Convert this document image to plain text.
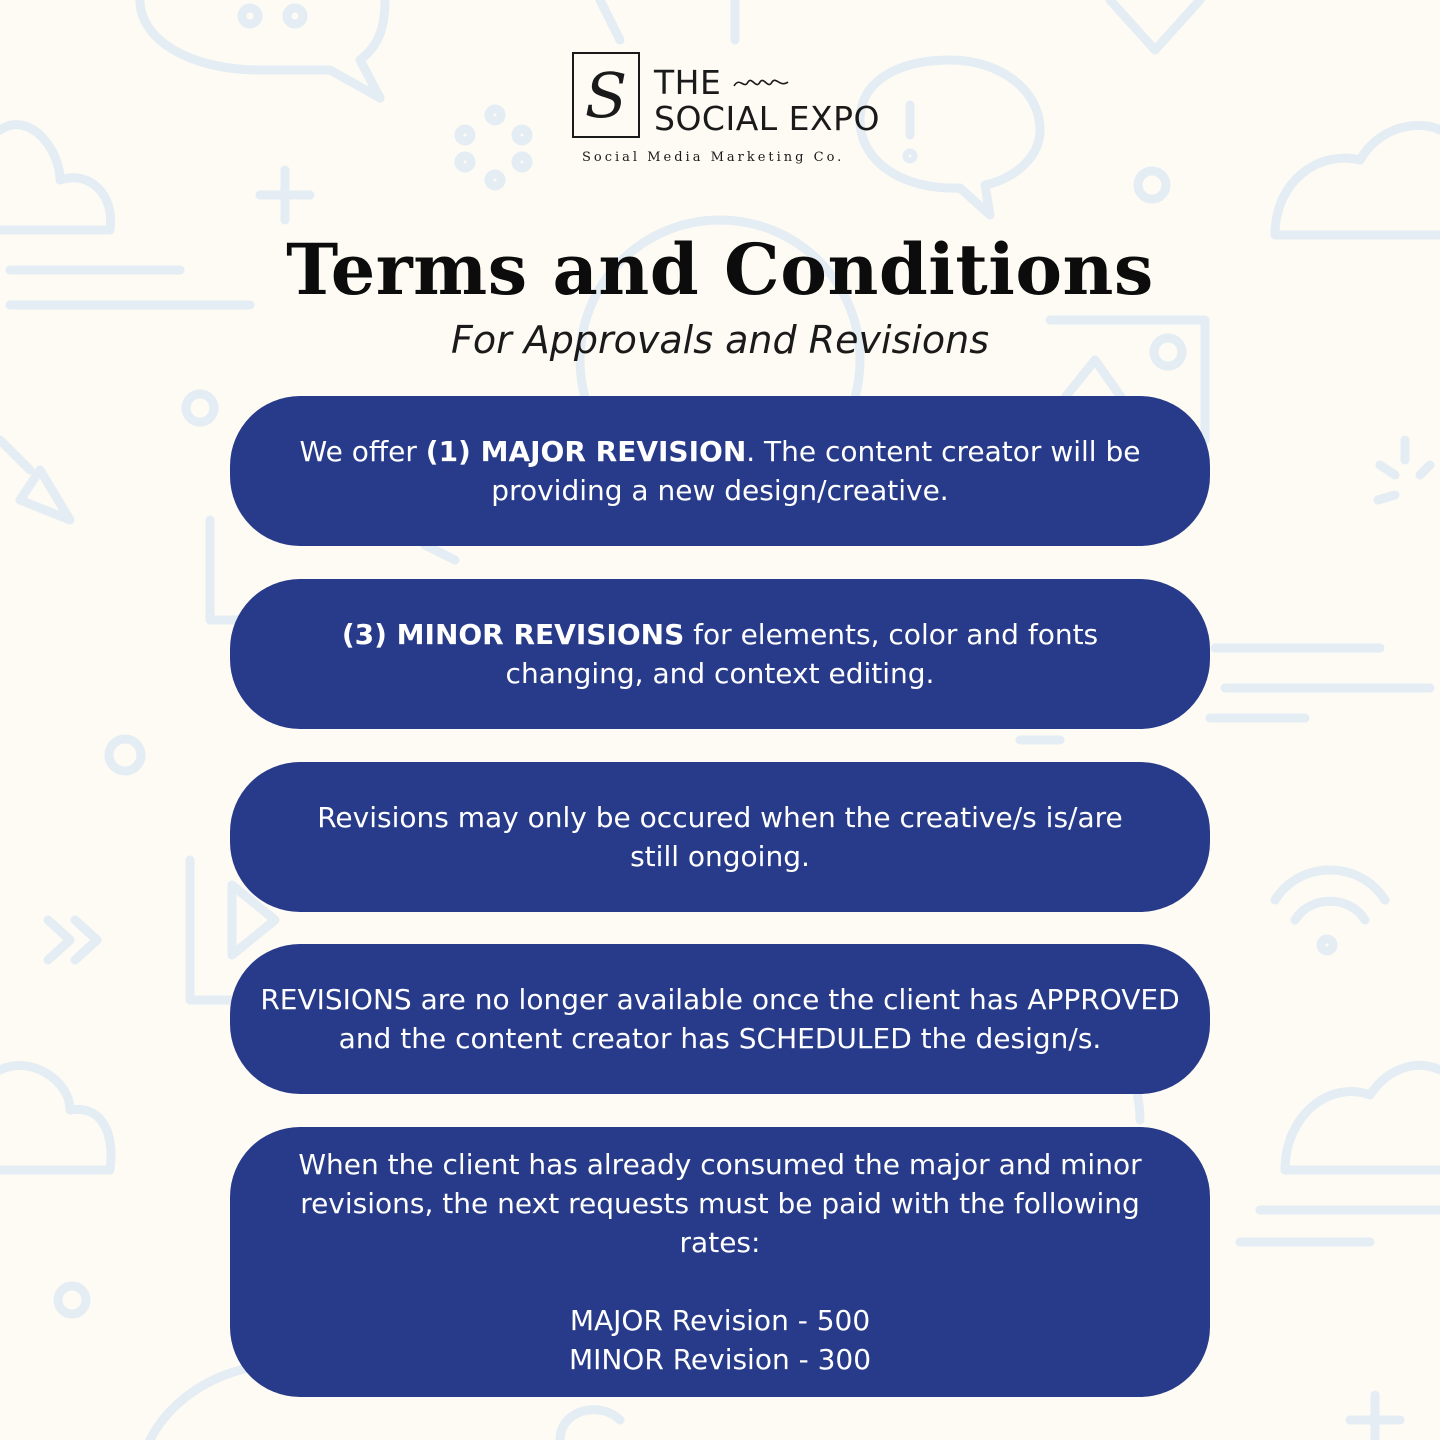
S THE
SOCIAL EXPO
Social Media Marketing Co.
Terms and Conditions

For Approvals and Revisions

We offer (1) MAJOR REVISION. The content creator will be providing a new design/creative.

(3) MINOR REVISIONS for elements, color and fonts changing, and context editing.

Revisions may only be occured when the creative/s is/are still ongoing.

REVISIONS are no longer available once the client has APPROVED and the content creator has SCHEDULED the design/s.

When the client has already consumed the major and minor revisions, the next requests must be paid with the following rates:

MAJOR Revision - 500

MINOR Revision - 300
